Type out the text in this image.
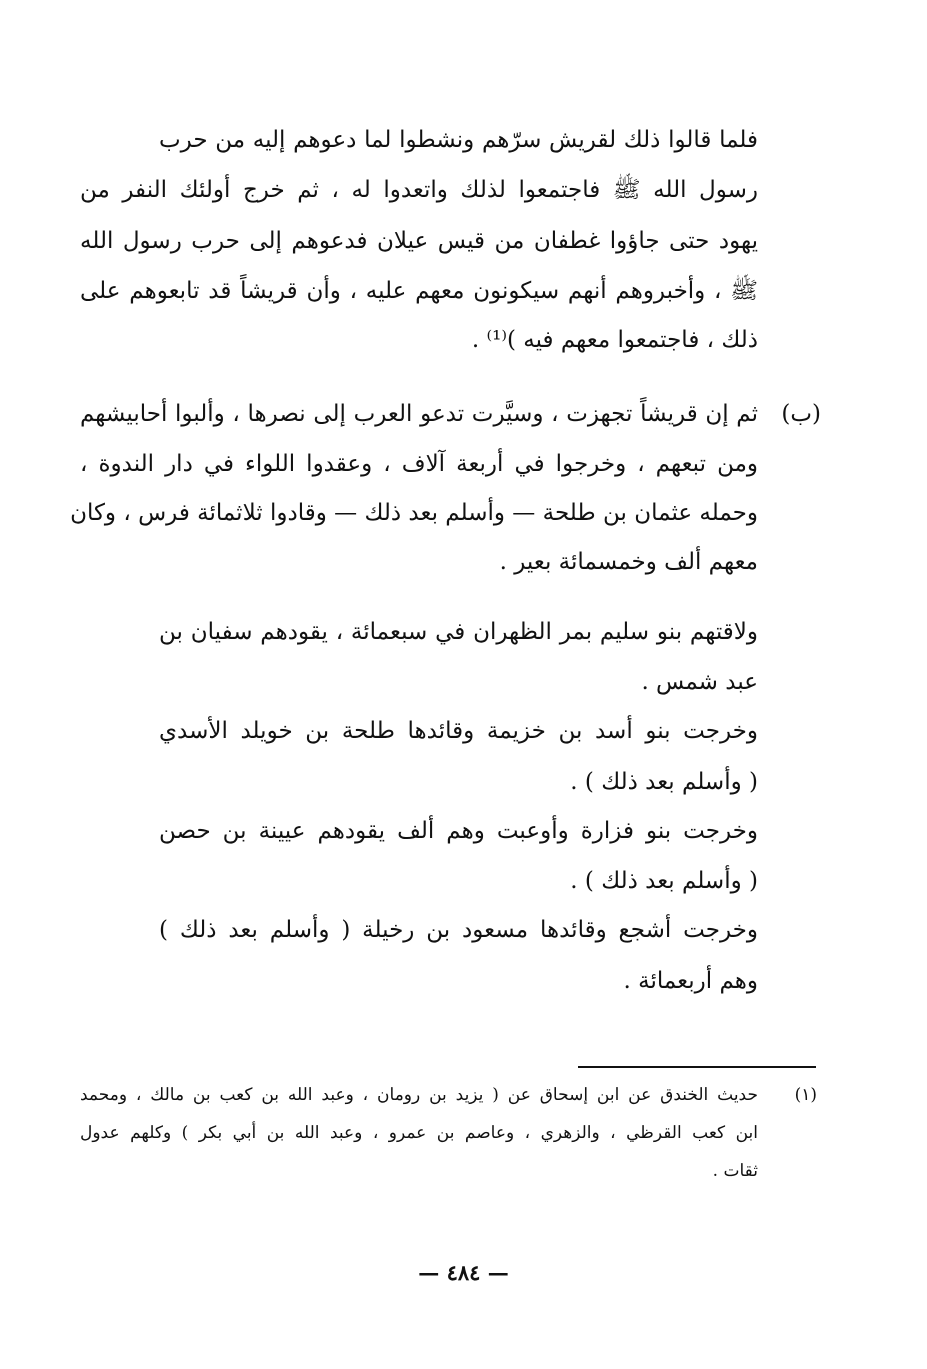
فلما قالوا ذلك لقريش سرّهم ونشطوا لما دعوهم إليه من حرب
رسول الله ﷺ فاجتمعوا لذلك واتعدوا له ، ثم خرج أولئك النفر من
يهود حتى جاؤوا غطفان من قيس عيلان فدعوهم إلى حرب رسول الله
ﷺ ، وأخبروهم أنهم سيكونون معهم عليه ، وأن قريشاً قد تابعوهم على
ذلك ، فاجتمعوا معهم فيه )⁽¹⁾ .
(ب)
ثم إن قريشاً تجهزت ، وسيَّرت تدعو العرب إلى نصرها ، وألبوا أحابيشهم
ومن تبعهم ، وخرجوا في أربعة آلاف ، وعقدوا اللواء في دار الندوة ،
وحمله عثمان بن طلحة — وأسلم بعد ذلك — وقادوا ثلاثمائة فرس ، وكان
معهم ألف وخمسمائة بعير .
ولاقتهم بنو سليم بمر الظهران في سبعمائة ، يقودهم سفيان بن
عبد شمس .
وخرجت بنو أسد بن خزيمة وقائدها طلحة بن خويلد الأسدي
( وأسلم بعد ذلك ) .
وخرجت بنو فزارة وأوعبت وهم ألف يقودهم عيينة بن حصن
( وأسلم بعد ذلك ) .
وخرجت أشجع وقائدها مسعود بن رخيلة ( وأسلم بعد ذلك )
وهم أربعمائة .
(١)
حديث الخندق عن ابن إسحاق عن ( يزيد بن رومان ، وعبد الله بن كعب بن مالك ، ومحمد
ابن كعب القرظي ، والزهري ، وعاصم بن عمرو ، وعبد الله بن أبي بكر ) وكلهم عدول
ثقات .
— ٤٨٤ —
